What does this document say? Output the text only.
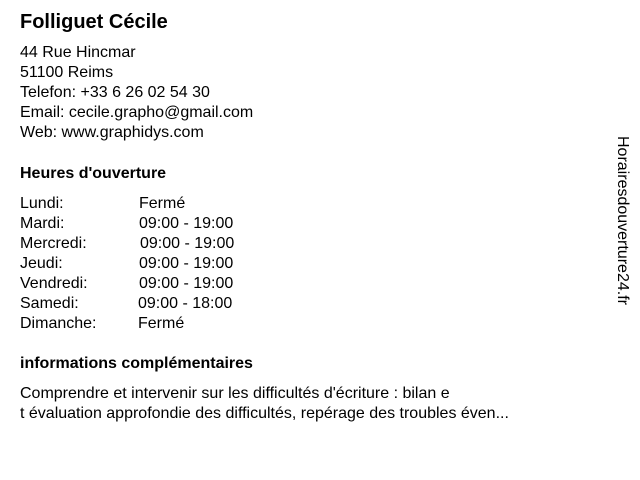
Folliguet Cécile
44 Rue Hincmar
51100 Reims
Telefon: +33 6 26 02 54 30
Email: cecile.grapho@gmail.com
Web: www.graphidys.com
Heures d'ouverture
Lundi:	Fermé
Mardi:	09:00 - 19:00
Mercredi:	09:00 - 19:00
Jeudi:	09:00 - 19:00
Vendredi:	09:00 - 19:00
Samedi:	09:00 - 18:00
Dimanche:	Fermé
informations complémentaires
Comprendre et intervenir sur les difficultés d'écriture : bilan e
t évaluation approfondie des difficultés, repérage des troubles éven...
Horairesdouverture24.fr
